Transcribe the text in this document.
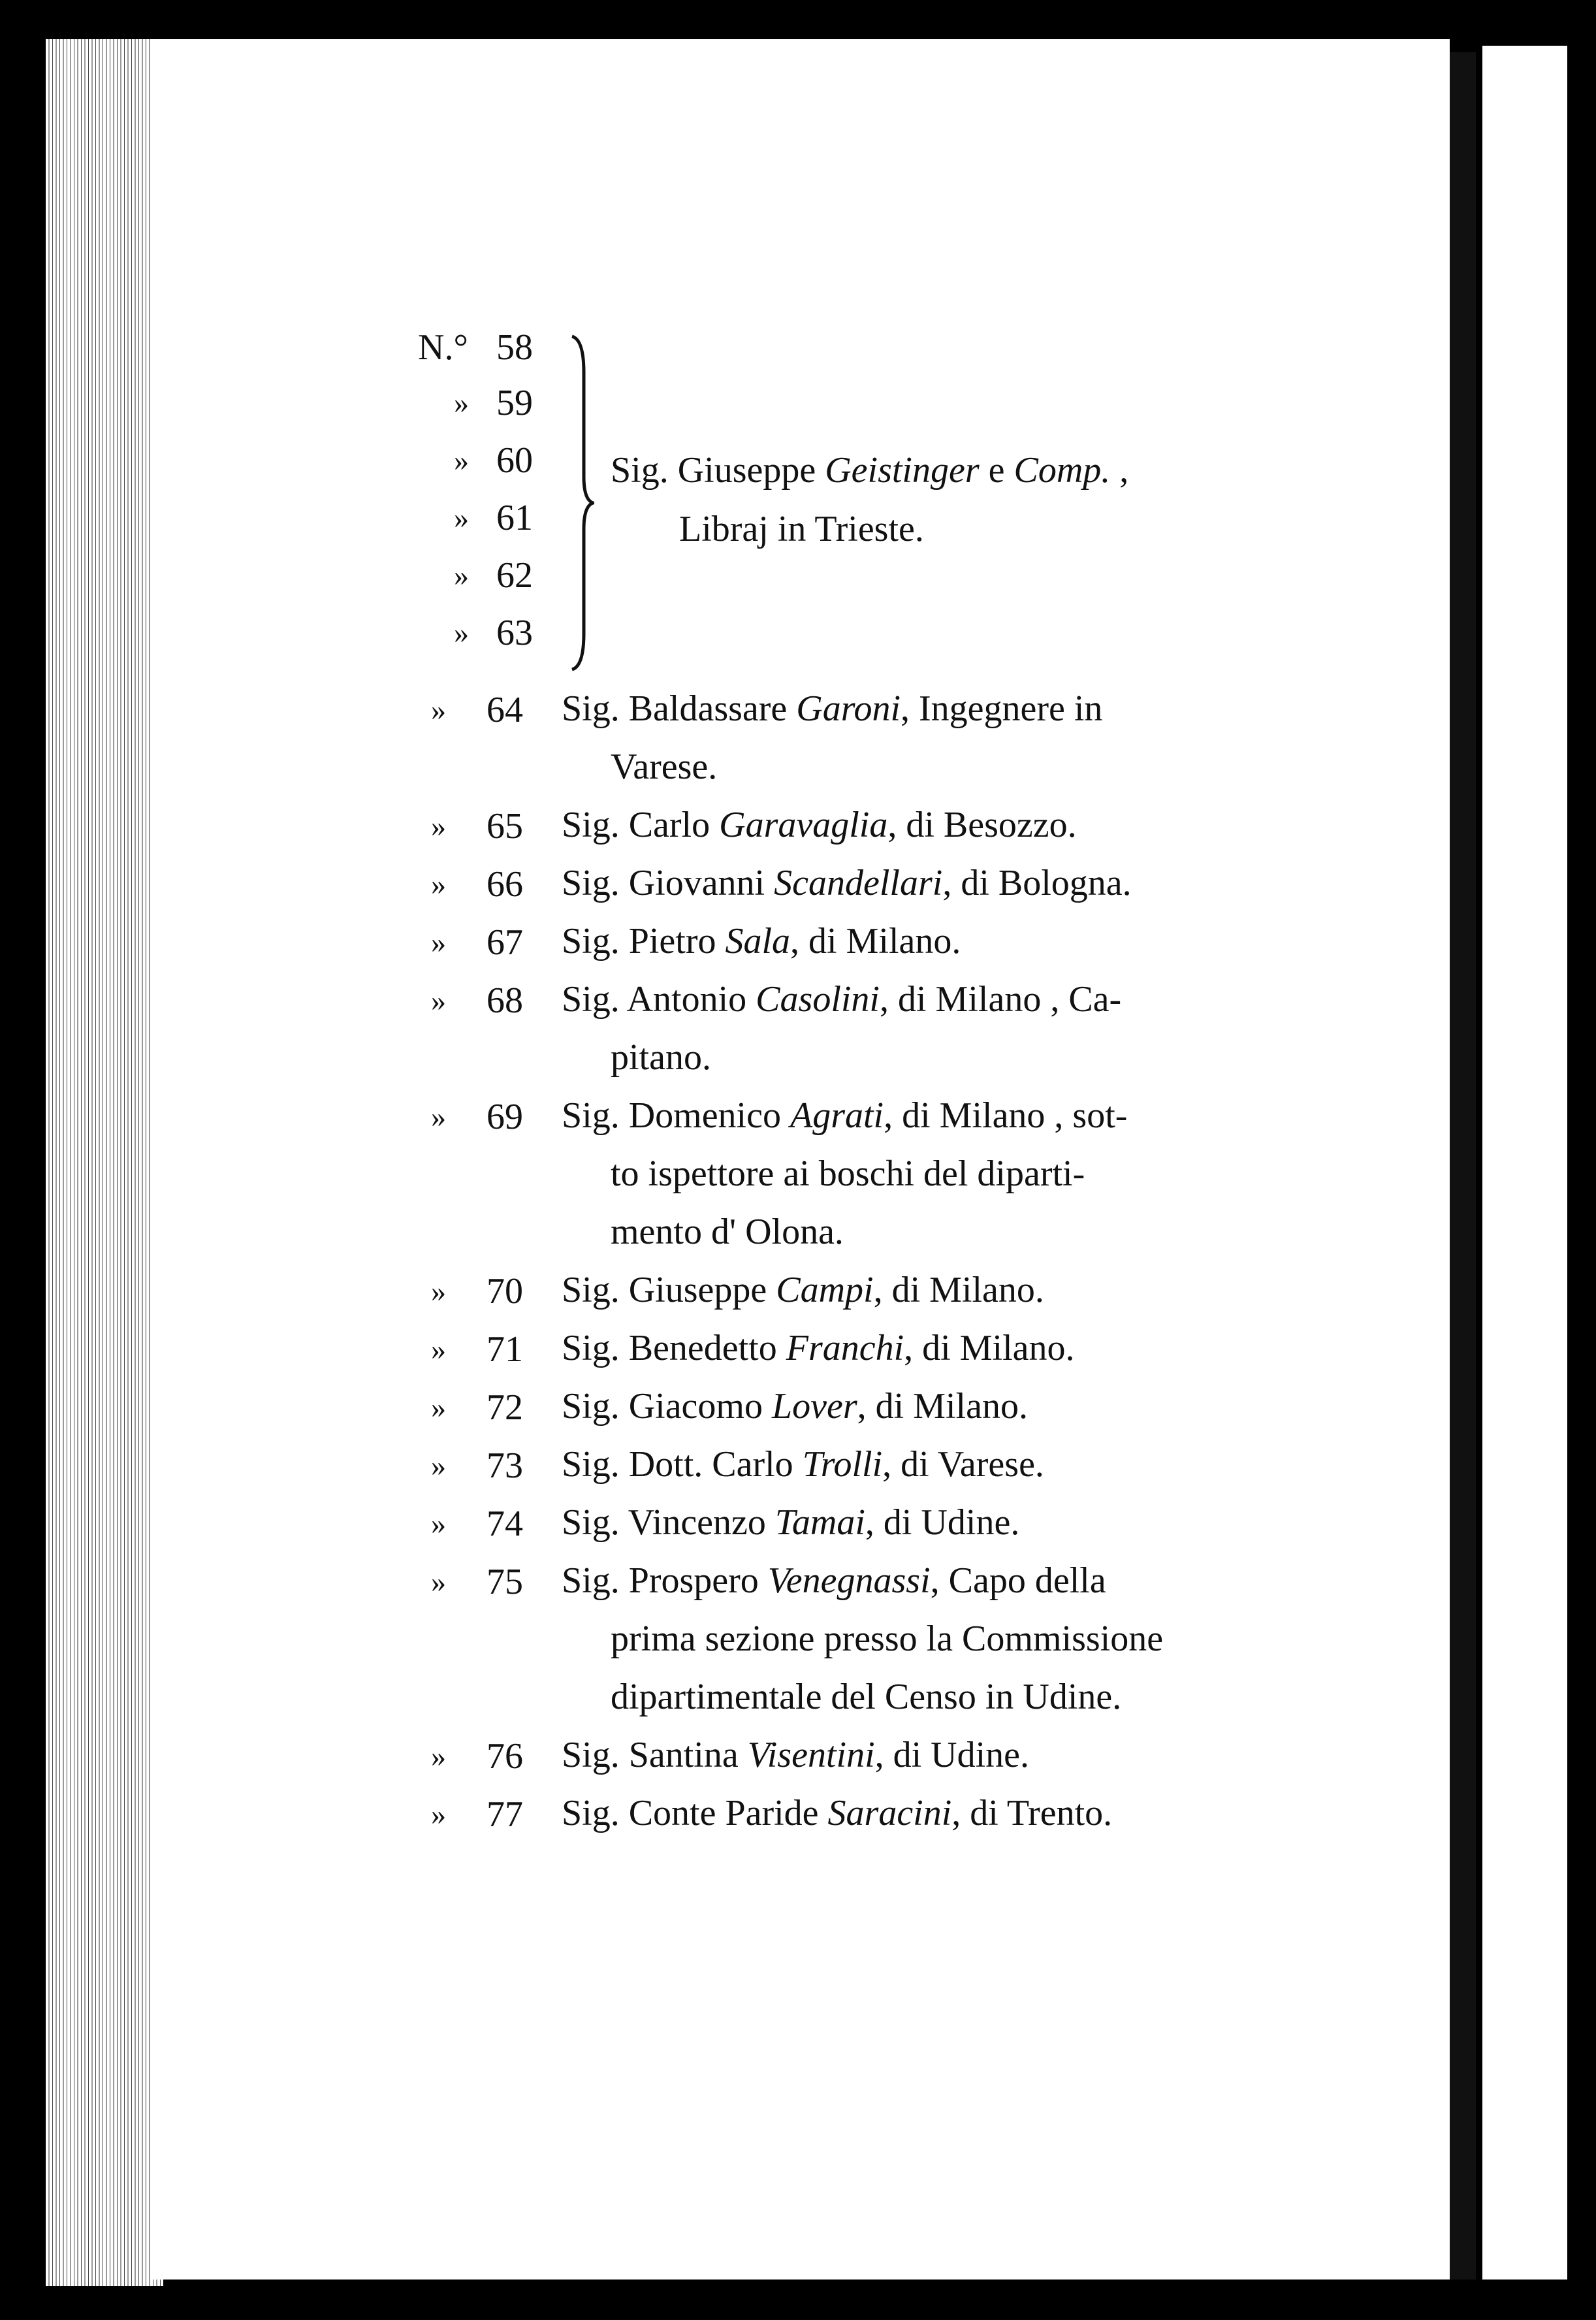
N.° 58
» 59
» 60
» 61
» 62
» 63
Sig. Giuseppe Geistinger e Comp. ,
Libraj in Trieste.
» 64 Sig. Baldassare Garoni, Ingegnere in
Varese.
» 65 Sig. Carlo Garavaglia, di Besozzo.
» 66 Sig. Giovanni Scandellari, di Bologna.
» 67 Sig. Pietro Sala, di Milano.
» 68 Sig. Antonio Casolini, di Milano , Ca-
pitano.
» 69 Sig. Domenico Agrati, di Milano , sot-
to ispettore ai boschi del diparti-
mento d' Olona.
» 70 Sig. Giuseppe Campi, di Milano.
» 71 Sig. Benedetto Franchi, di Milano.
» 72 Sig. Giacomo Lover, di Milano.
» 73 Sig. Dott. Carlo Trolli, di Varese.
» 74 Sig. Vincenzo Tamai, di Udine.
» 75 Sig. Prospero Venegnassi, Capo della
prima sezione presso la Commissione
dipartimentale del Censo in Udine.
» 76 Sig. Santina Visentini, di Udine.
» 77 Sig. Conte Paride Saracini, di Trento.
